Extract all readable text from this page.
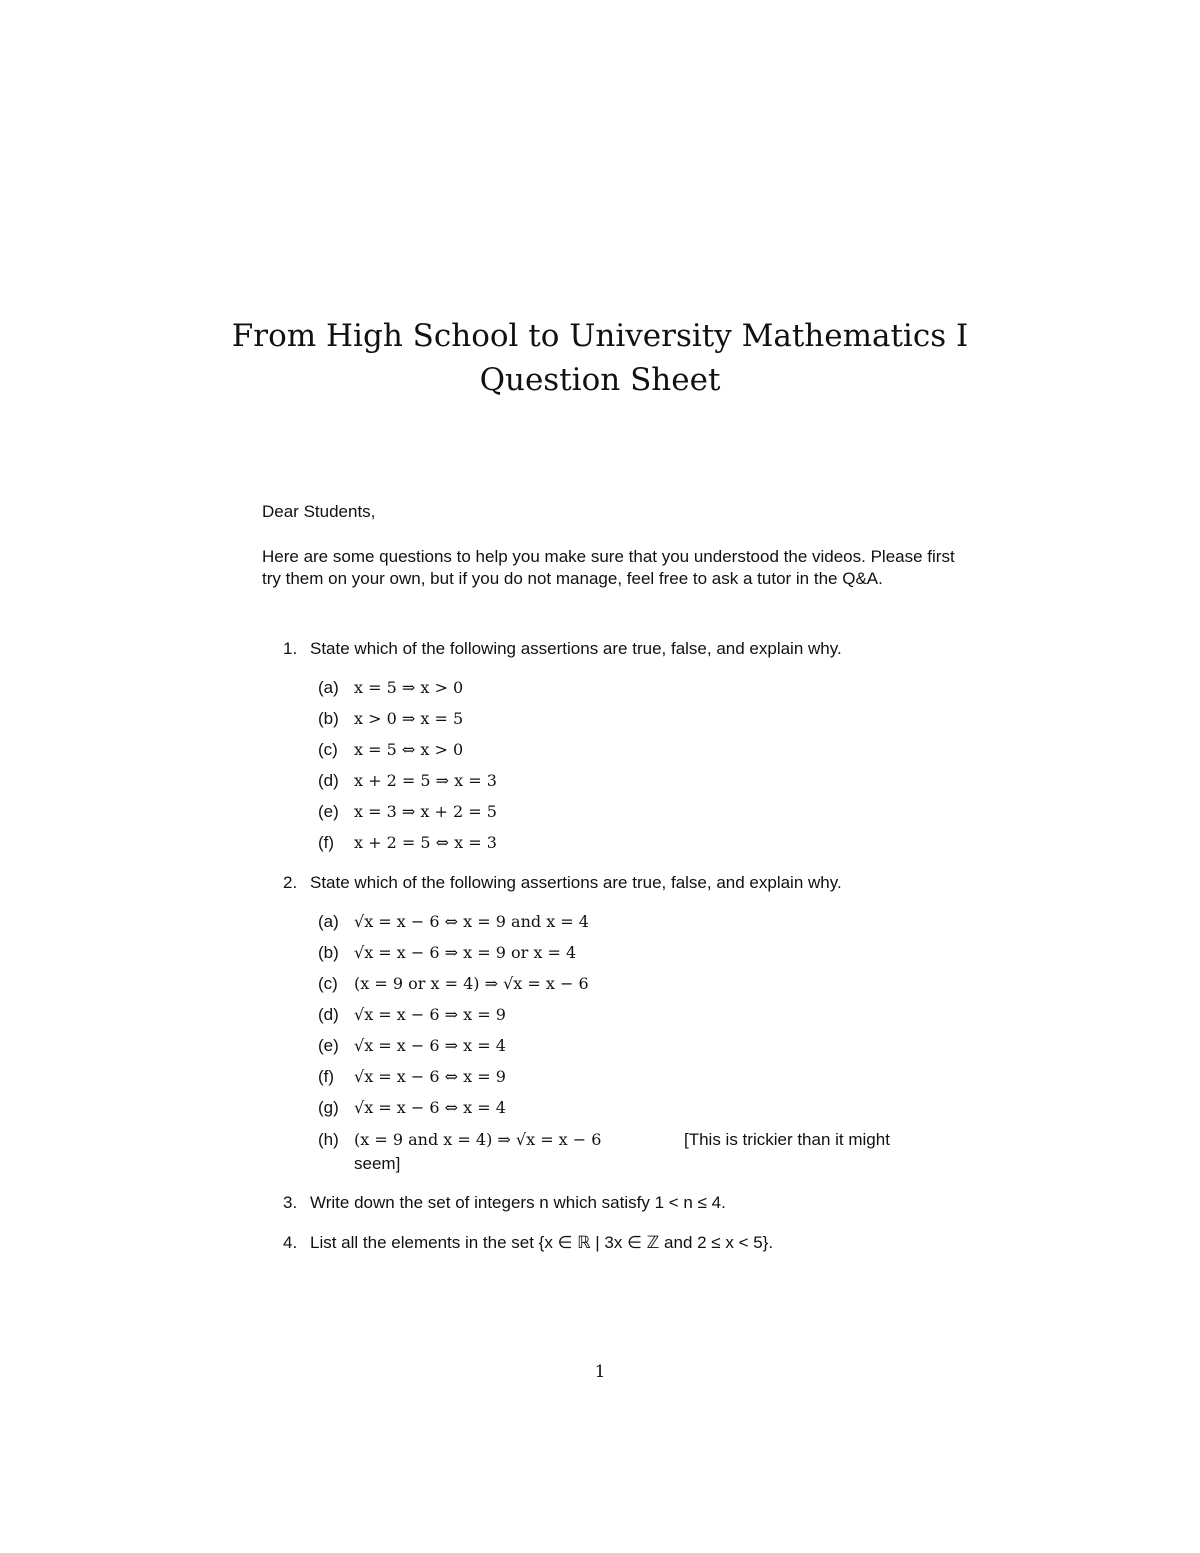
From High School to University Mathematics I
Question Sheet
Dear Students,
Here are some questions to help you make sure that you understood the videos. Please first try them on your own, but if you do not manage, feel free to ask a tutor in the Q&A.
1. State which of the following assertions are true, false, and explain why.
(a) x = 5 ⇒ x > 0
(b) x > 0 ⇒ x = 5
(c)	x = 5 ⇔ x > 0
(d) x + 2 = 5 ⇒ x = 3
(e) x = 3 ⇒ x + 2 = 5
(f)	x + 2 = 5 ⇔ x = 3
2. State which of the following assertions are true, false, and explain why.
(a) √x = x − 6 ⇔ x = 9 and x = 4
(b) √x = x − 6 ⇒ x = 9 or x = 4
(c)	(x = 9 or x = 4) ⇒ √x = x − 6
(d) √x = x − 6 ⇒ x = 9
(e) √x = x − 6 ⇒ x = 4
(f)	√x = x − 6 ⇔ x = 9
(g) √x = x − 6 ⇔ x = 4
(h) (x = 9 and x = 4) ⇒ √x = x − 6	[This is trickier than it might
seem]
3. Write down the set of integers n which satisfy 1 < n ≤ 4.
4. List all the elements in the set {x ∈ ℝ | 3x ∈ ℤ and 2 ≤ x < 5}.
1
